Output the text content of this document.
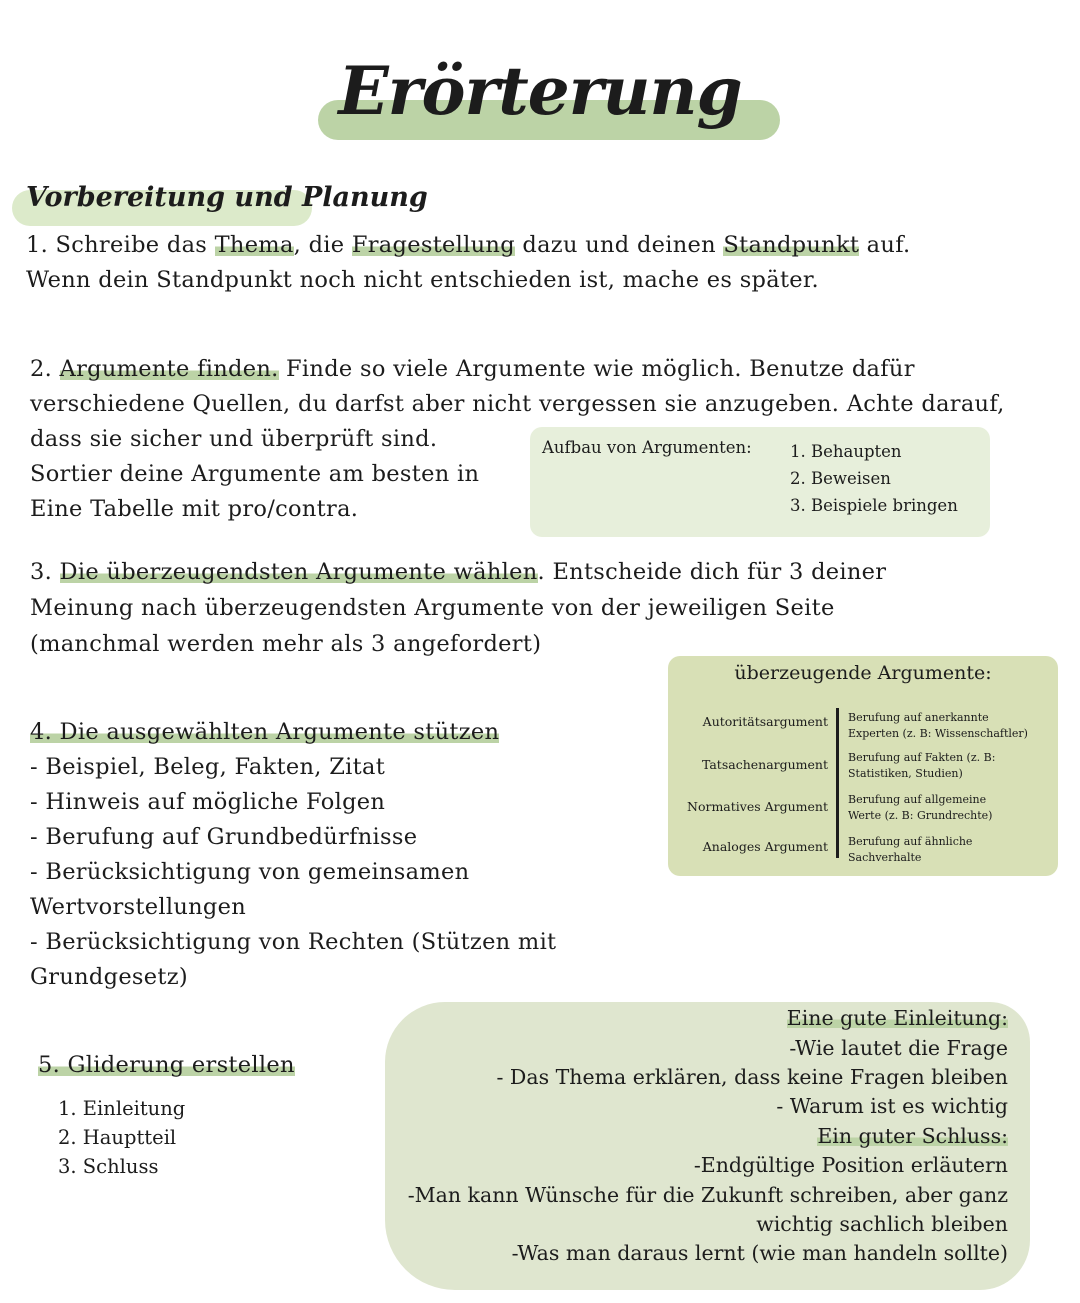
Erörterung
Vorbereitung und Planung
1. Schreibe das Thema, die Fragestellung dazu und deinen Standpunkt auf.
Wenn dein Standpunkt noch nicht entschieden ist, mache es später.
2. Argumente finden. Finde so viele Argumente wie möglich. Benutze dafür
verschiedene Quellen, du darfst aber nicht vergessen sie anzugeben. Achte darauf,
dass sie sicher und überprüft sind.
Sortier deine Argumente am besten in
Eine Tabelle mit pro/contra.
Aufbau von Argumenten: 1. Behaupten
2. Beweisen
3. Beispiele bringen
3. Die überzeugendsten Argumente wählen. Entscheide dich für 3 deiner
Meinung nach überzeugendsten Argumente von der jeweiligen Seite
(manchmal werden mehr als 3 angefordert)
überzeugende Argumente:
Autoritätsargument Berufung auf anerkannte
Experten (z. B: Wissenschaftler)
Tatsachenargument Berufung auf Fakten (z. B:
Statistiken, Studien)
Normatives Argument Berufung auf allgemeine
Werte (z. B: Grundrechte)
Analoges Argument Berufung auf ähnliche
Sachverhalte
4. Die ausgewählten Argumente stützen
- Beispiel, Beleg, Fakten, Zitat
- Hinweis auf mögliche Folgen
- Berufung auf Grundbedürfnisse
- Berücksichtigung von gemeinsamen
Wertvorstellungen
- Berücksichtigung von Rechten (Stützen mit
Grundgesetz)
5. Gliderung erstellen
1. Einleitung
2. Hauptteil
3. Schluss
Eine gute Einleitung:
-Wie lautet die Frage
- Das Thema erklären, dass keine Fragen bleiben
- Warum ist es wichtig
Ein guter Schluss:
-Endgültige Position erläutern
-Man kann Wünsche für die Zukunft schreiben, aber ganz
wichtig sachlich bleiben
-Was man daraus lernt (wie man handeln sollte)
